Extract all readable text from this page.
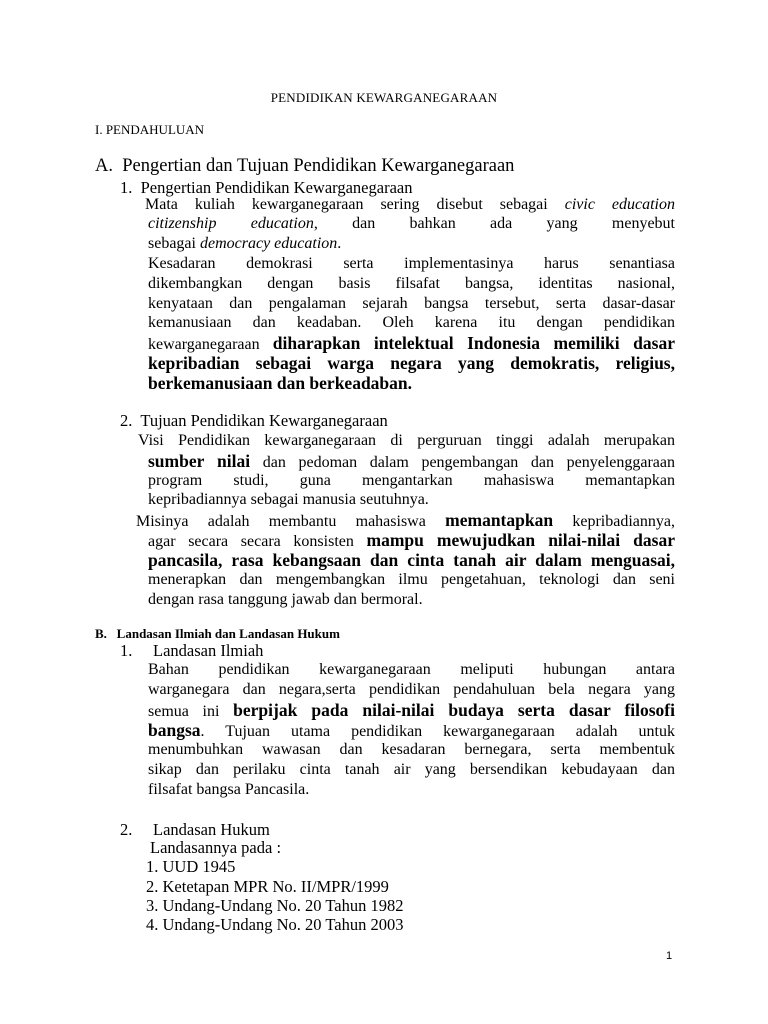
PENDIDIKAN KEWARGANEGARAAN
I. PENDAHULUAN
A.  Pengertian dan Tujuan Pendidikan Kewarganegaraan
1.  Pengertian Pendidikan Kewarganegaraan
Mata kuliah kewarganegaraan sering disebut sebagai civic education
citizenship education, dan bahkan ada yang menyebut
sebagai democracy education.
Kesadaran demokrasi serta implementasinya harus senantiasa
dikembangkan dengan basis filsafat bangsa, identitas nasional,
kenyataan dan pengalaman sejarah bangsa tersebut, serta dasar-dasar
kemanusiaan dan keadaban. Oleh karena itu dengan pendidikan
kewarganegaraan diharapkan intelektual Indonesia memiliki dasar
kepribadian sebagai warga negara yang demokratis, religius,
berkemanusiaan dan berkeadaban.
2.  Tujuan Pendidikan Kewarganegaraan
Visi Pendidikan kewarganegaraan di perguruan tinggi adalah merupakan
sumber nilai dan pedoman dalam pengembangan dan penyelenggaraan
program studi, guna mengantarkan mahasiswa memantapkan
kepribadiannya sebagai manusia seutuhnya.
Misinya adalah membantu mahasiswa memantapkan kepribadiannya,
agar secara secara konsisten mampu mewujudkan nilai-nilai dasar
pancasila, rasa kebangsaan dan cinta tanah air dalam menguasai,
menerapkan dan mengembangkan ilmu pengetahuan, teknologi dan seni
dengan rasa tanggung jawab dan bermoral.
B.   Landasan Ilmiah dan Landasan Hukum
1.     Landasan Ilmiah
Bahan pendidikan kewarganegaraan meliputi hubungan antara
warganegara dan negara,serta pendidikan pendahuluan bela negara yang
semua ini berpijak pada nilai-nilai budaya serta dasar filosofi
bangsa. Tujuan utama pendidikan kewarganegaraan adalah untuk
menumbuhkan wawasan dan kesadaran bernegara, serta membentuk
sikap dan perilaku cinta tanah air yang bersendikan kebudayaan dan
filsafat bangsa Pancasila.
2.     Landasan Hukum
Landasannya pada :
1. UUD 1945
2. Ketetapan MPR No. II/MPR/1999
3. Undang-Undang No. 20 Tahun 1982
4. Undang-Undang No. 20 Tahun 2003
1
